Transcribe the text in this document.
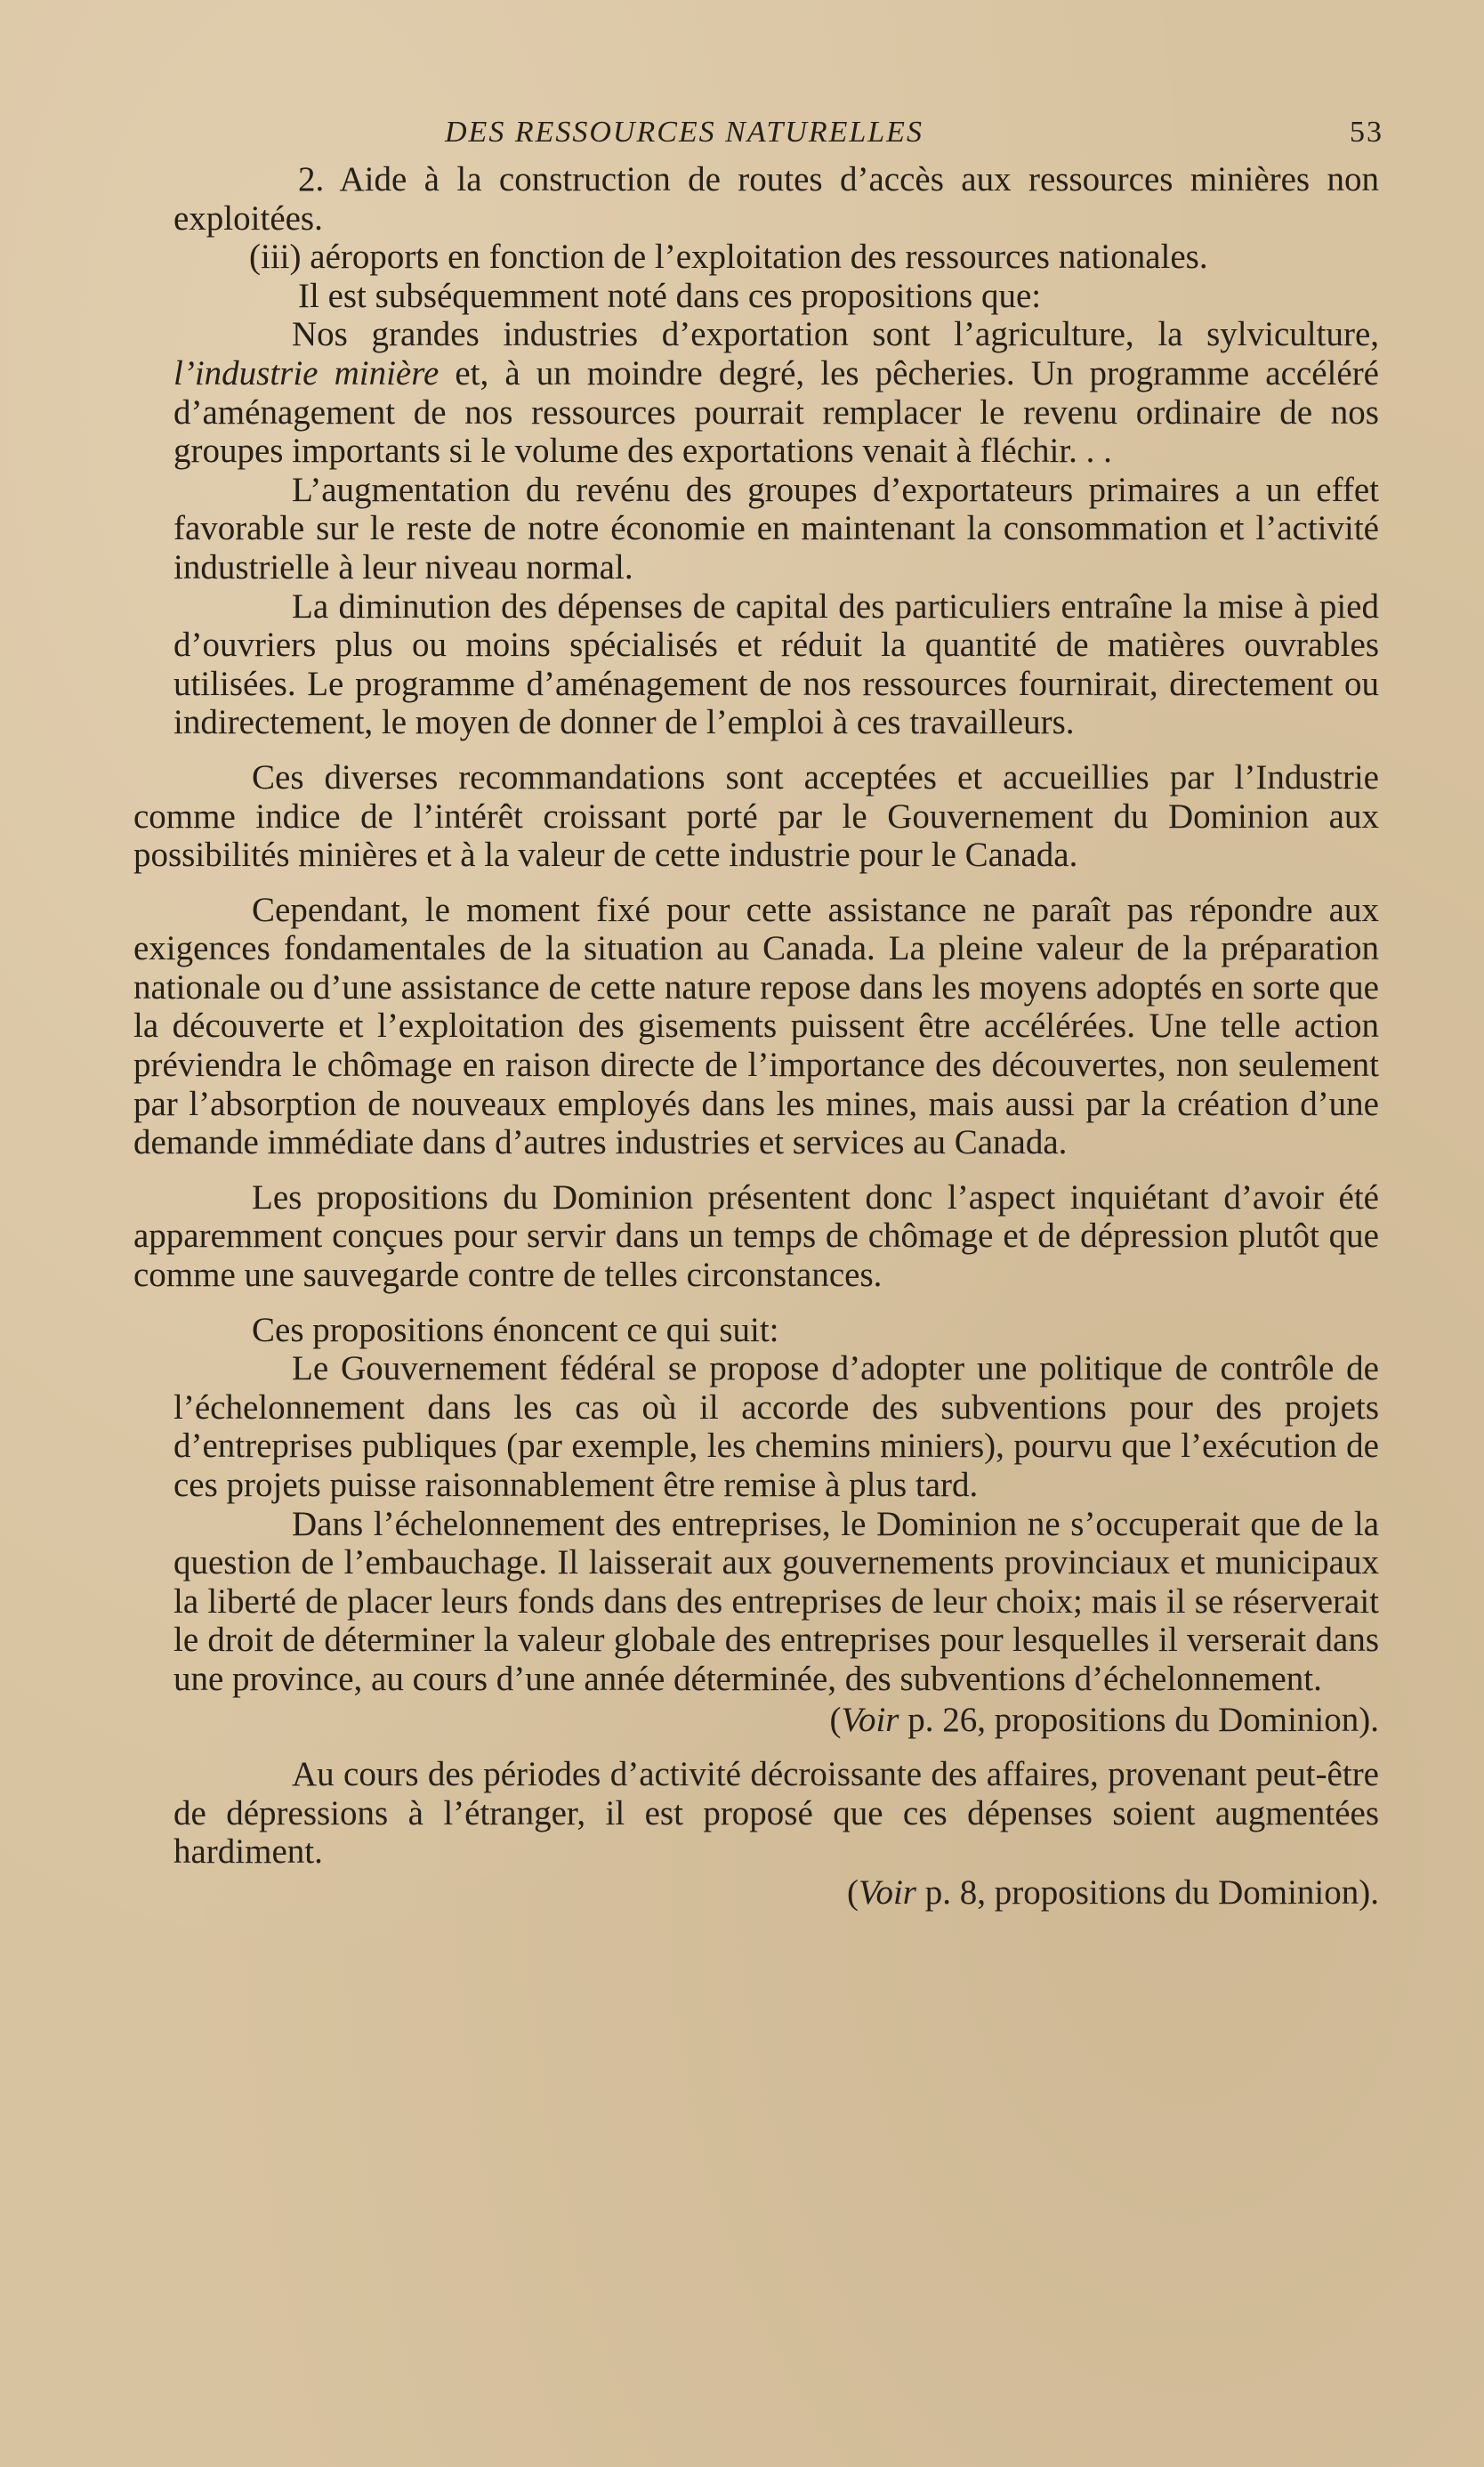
DES RESSOURCES NATURELLES	53

2. Aide à la construction de routes d’accès aux ressources minières non exploitées.

(iii) aéroports en fonction de l’exploitation des ressources nationales.

Il est subséquemment noté dans ces propositions que:

Nos grandes industries d’exportation sont l’agriculture, la sylviculture, l’industrie minière et, à un moindre degré, les pêcheries. Un programme accéléré d’aménagement de nos ressources pourrait remplacer le revenu ordinaire de nos groupes importants si le volume des exportations venait à fléchir. . .

L’augmentation du revénu des groupes d’exportateurs primaires a un effet favorable sur le reste de notre économie en maintenant la consommation et l’activité industrielle à leur niveau normal.

La diminution des dépenses de capital des particuliers entraîne la mise à pied d’ouvriers plus ou moins spécialisés et réduit la quantité de matières ouvrables utilisées. Le programme d’aménagement de nos ressources fournirait, directement ou indirectement, le moyen de donner de l’emploi à ces travailleurs.

Ces diverses recommandations sont acceptées et accueillies par l’Industrie comme indice de l’intérêt croissant porté par le Gouvernement du Dominion aux possibilités minières et à la valeur de cette industrie pour le Canada.

Cependant, le moment fixé pour cette assistance ne paraît pas répondre aux exigences fondamentales de la situation au Canada. La pleine valeur de la préparation nationale ou d’une assistance de cette nature repose dans les moyens adoptés en sorte que la découverte et l’exploitation des gisements puissent être accélérées. Une telle action préviendra le chômage en raison directe de l’importance des découvertes, non seulement par l’absorption de nouveaux employés dans les mines, mais aussi par la création d’une demande immédiate dans d’autres industries et services au Canada.

Les propositions du Dominion présentent donc l’aspect inquiétant d’avoir été apparemment conçues pour servir dans un temps de chômage et de dépression plutôt que comme une sauvegarde contre de telles circonstances.

Ces propositions énoncent ce qui suit:

Le Gouvernement fédéral se propose d’adopter une politique de contrôle de l’échelonnement dans les cas où il accorde des subventions pour des projets d’entreprises publiques (par exemple, les chemins miniers), pourvu que l’exécution de ces projets puisse raisonnablement être remise à plus tard.

Dans l’échelonnement des entreprises, le Dominion ne s’occuperait que de la question de l’embauchage. Il laisserait aux gouvernements provinciaux et municipaux la liberté de placer leurs fonds dans des entreprises de leur choix; mais il se réserverait le droit de déterminer la valeur globale des entreprises pour lesquelles il verserait dans une province, au cours d’une année déterminée, des subventions d’échelonnement.

(Voir p. 26, propositions du Dominion).

Au cours des périodes d’activité décroissante des affaires, provenant peut-être de dépressions à l’étranger, il est proposé que ces dépenses soient augmentées hardiment.

(Voir p. 8, propositions du Dominion).
